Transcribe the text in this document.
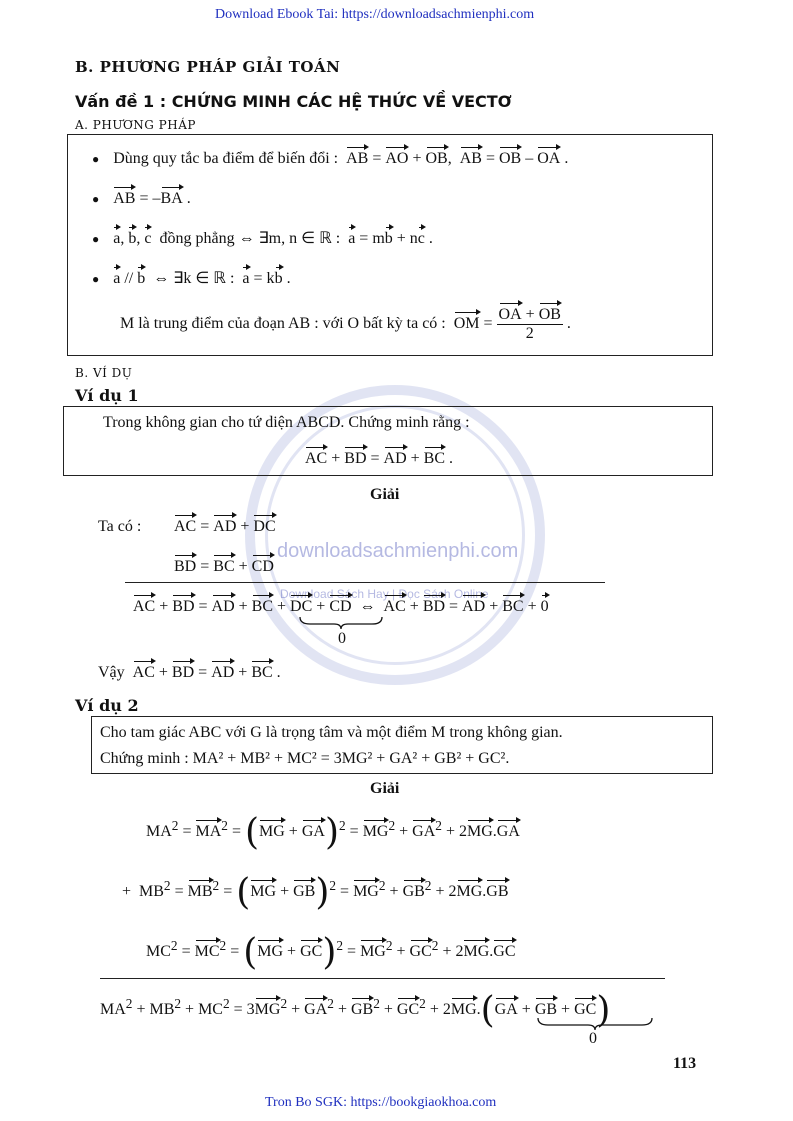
downloadsachmienphi.com
Download Sách Hay | Đọc Sách Online
Download Ebook Tai: https://downloadsachmienphi.com
Tron Bo SGK: https://bookgiaokhoa.com
B. PHƯƠNG PHÁP GIẢI TOÁN
Vấn đề 1 : CHỨNG MINH CÁC HỆ THỨC VỀ VECTƠ
A. PHƯƠNG PHÁP
● Dùng quy tắc ba điểm để biến đổi : AB = AO + OB,  AB = OB – OA .
● AB = –BA .
● a, b, c đồng phẳng ⇔ ∃m, n ∈ ℝ : a = mb + nc .
● a // b ⇔ ∃k ∈ ℝ : a = kb .
M là trung điểm của đoạn AB : với O bất kỳ ta có : OM = $\frac{OA + OB}{2}$ .
B. VÍ DỤ
Ví dụ 1
Trong không gian cho tứ diện ABCD. Chứng minh rằng :
AC + BD = AD + BC .
Giải
Ta có : AC = AD + DC
BD = BC + CD
AC + BD = AD + BC + DC + CD  ⇔  AC + BD = AD + BC + 0
0
Vậy AC + BD = AD + BC .
Ví dụ 2
Cho tam giác ABC với G là trọng tâm và một điểm M trong không gian.
Chứng minh : MA² + MB² + MC² = 3MG² + GA² + GB² + GC².
Giải
$MA^2 = MA^2 = (MG + GA)^2 = MG^2 + GA^2 + 2MG.GA$
+  $MB^2 = MB^2 = (MG + GB)^2 = MG^2 + GB^2 + 2MG.GB$
$MC^2 = MC^2 = (MG + GC)^2 = MG^2 + GC^2 + 2MG.GC$
$MA^2 + MB^2 + MC^2 = 3MG^2 + GA^2 + GB^2 + GC^2 + 2MG.(GA$ + GB + GC)
0
113
